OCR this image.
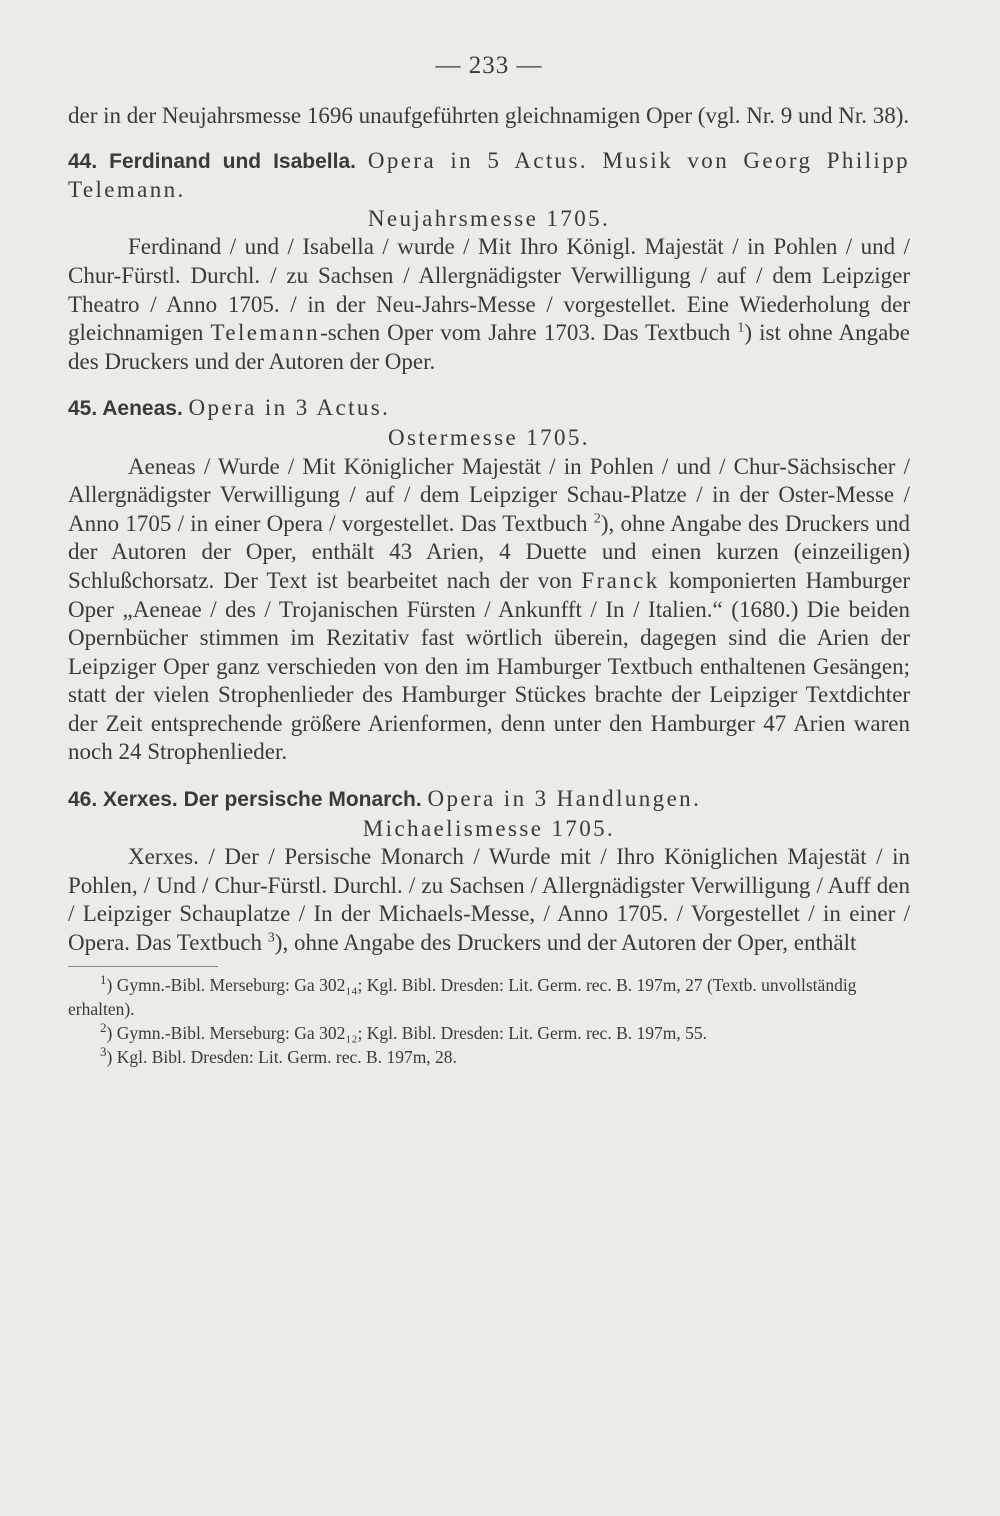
— 233 —

der in der Neujahrsmesse 1696 unaufgeführten gleichnamigen Oper (vgl. Nr. 9 und Nr. 38).

44. Ferdinand und Isabella. Opera in 5 Actus. Musik von Georg Philipp Telemann.

Neujahrsmesse 1705.

Ferdinand / und / Isabella / wurde / Mit Ihro Königl. Majestät / in Pohlen / und / Chur-Fürstl. Durchl. / zu Sachsen / Allergnädigster Verwilligung / auf / dem Leipziger Theatro / Anno 1705. / in der Neu-Jahrs-Messe / vorgestellet. Eine Wiederholung der gleichnamigen Telemann-schen Oper vom Jahre 1703. Das Textbuch $^1$) ist ohne Angabe des Druckers und der Autoren der Oper.

45. Aeneas. Opera in 3 Actus.

Ostermesse 1705.

Aeneas / Wurde / Mit Königlicher Majestät / in Pohlen / und / Chur-Sächsischer / Allergnädigster Verwilligung / auf / dem Leipziger Schau-Platze / in der Oster-Messe / Anno 1705 / in einer Opera / vorgestellet. Das Textbuch $^2$), ohne Angabe des Druckers und der Autoren der Oper, enthält 43 Arien, 4 Duette und einen kurzen (einzeiligen) Schlußchorsatz. Der Text ist bearbeitet nach der von Franck komponierten Hamburger Oper „Aeneae / des / Trojanischen Fürsten / Ankunfft / In / Italien.“ (1680.) Die beiden Opernbücher stimmen im Rezitativ fast wörtlich überein, dagegen sind die Arien der Leipziger Oper ganz verschieden von den im Hamburger Textbuch enthaltenen Gesängen; statt der vielen Strophenlieder des Hamburger Stückes brachte der Leipziger Textdichter der Zeit entsprechende größere Arienformen, denn unter den Hamburger 47 Arien waren noch 24 Strophenlieder.

46. Xerxes. Der persische Monarch. Opera in 3 Handlungen.

Michaelismesse 1705.

Xerxes. / Der / Persische Monarch / Wurde mit / Ihro Königlichen Majestät / in Pohlen, / Und / Chur-Fürstl. Durchl. / zu Sachsen / Allergnädigster Verwilligung / Auff den / Leipziger Schauplatze / In der Michaels-Messe, / Anno 1705. / Vorgestellet / in einer / Opera. Das Textbuch $^3$), ohne Angabe des Druckers und der Autoren der Oper, enthält

$^1$) Gymn.-Bibl. Merseburg: Ga 302₁₄; Kgl. Bibl. Dresden: Lit. Germ. rec. B. 197m, 27 (Textb. unvollständig erhalten).

$^2$) Gymn.-Bibl. Merseburg: Ga 302₁₂; Kgl. Bibl. Dresden: Lit. Germ. rec. B. 197m, 55.

$^3$) Kgl. Bibl. Dresden: Lit. Germ. rec. B. 197m, 28.
